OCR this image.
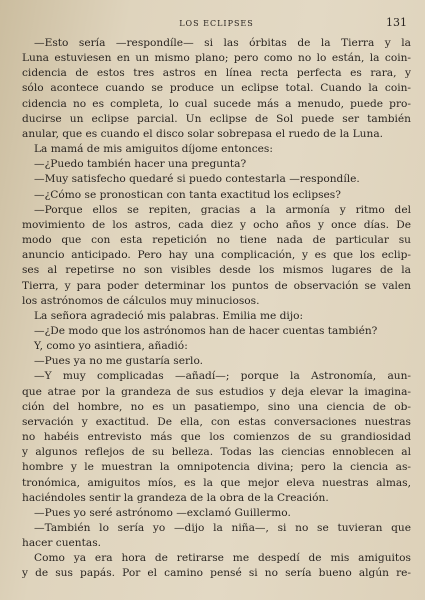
LOS ECLIPSES	131
—Esto sería —respondíle— si las órbitas de la Tierra y la
Luna estuviesen en un mismo plano; pero como no lo están, la coin-
cidencia de estos tres astros en línea recta perfecta es rara, y
sólo acontece cuando se produce un eclipse total. Cuando la coin-
cidencia no es completa, lo cual sucede más a menudo, puede pro-
ducirse un eclipse parcial. Un eclipse de Sol puede ser también
anular, que es cuando el disco solar sobrepasa el ruedo de la Luna.
La mamá de mis amiguitos díjome entonces:
—¿Puedo también hacer una pregunta?
—Muy satisfecho quedaré si puedo contestarla —respondíle.
—¿Cómo se pronostican con tanta exactitud los eclipses?
—Porque ellos se repiten, gracias a la armonía y ritmo del
movimiento de los astros, cada diez y ocho años y once días. De
modo que con esta repetición no tiene nada de particular su
anuncio anticipado. Pero hay una complicación, y es que los eclip-
ses al repetirse no son visibles desde los mismos lugares de la
Tierra, y para poder determinar los puntos de observación se valen
los astrónomos de cálculos muy minuciosos.
La señora agradeció mis palabras. Emilia me dijo:
—¿De modo que los astrónomos han de hacer cuentas también?
Y, como yo asintiera, añadió:
—Pues ya no me gustaría serlo.
—Y muy complicadas —añadí—; porque la Astronomía, aun-
que atrae por la grandeza de sus estudios y deja elevar la imagina-
ción del hombre, no es un pasatiempo, sino una ciencia de ob-
servación y exactitud. De ella, con estas conversaciones nuestras
no habéis entrevisto más que los comienzos de su grandiosidad
y algunos reflejos de su belleza. Todas las ciencias ennoblecen al
hombre y le muestran la omnipotencia divina; pero la ciencia as-
tronómica, amiguitos míos, es la que mejor eleva nuestras almas,
haciéndoles sentir la grandeza de la obra de la Creación.
—Pues yo seré astrónomo —exclamó Guillermo.
—También lo sería yo —dijo la niña—, si no se tuvieran que
hacer cuentas.
Como ya era hora de retirarse me despedí de mis amiguitos
y de sus papás. Por el camino pensé si no sería bueno algún re-
